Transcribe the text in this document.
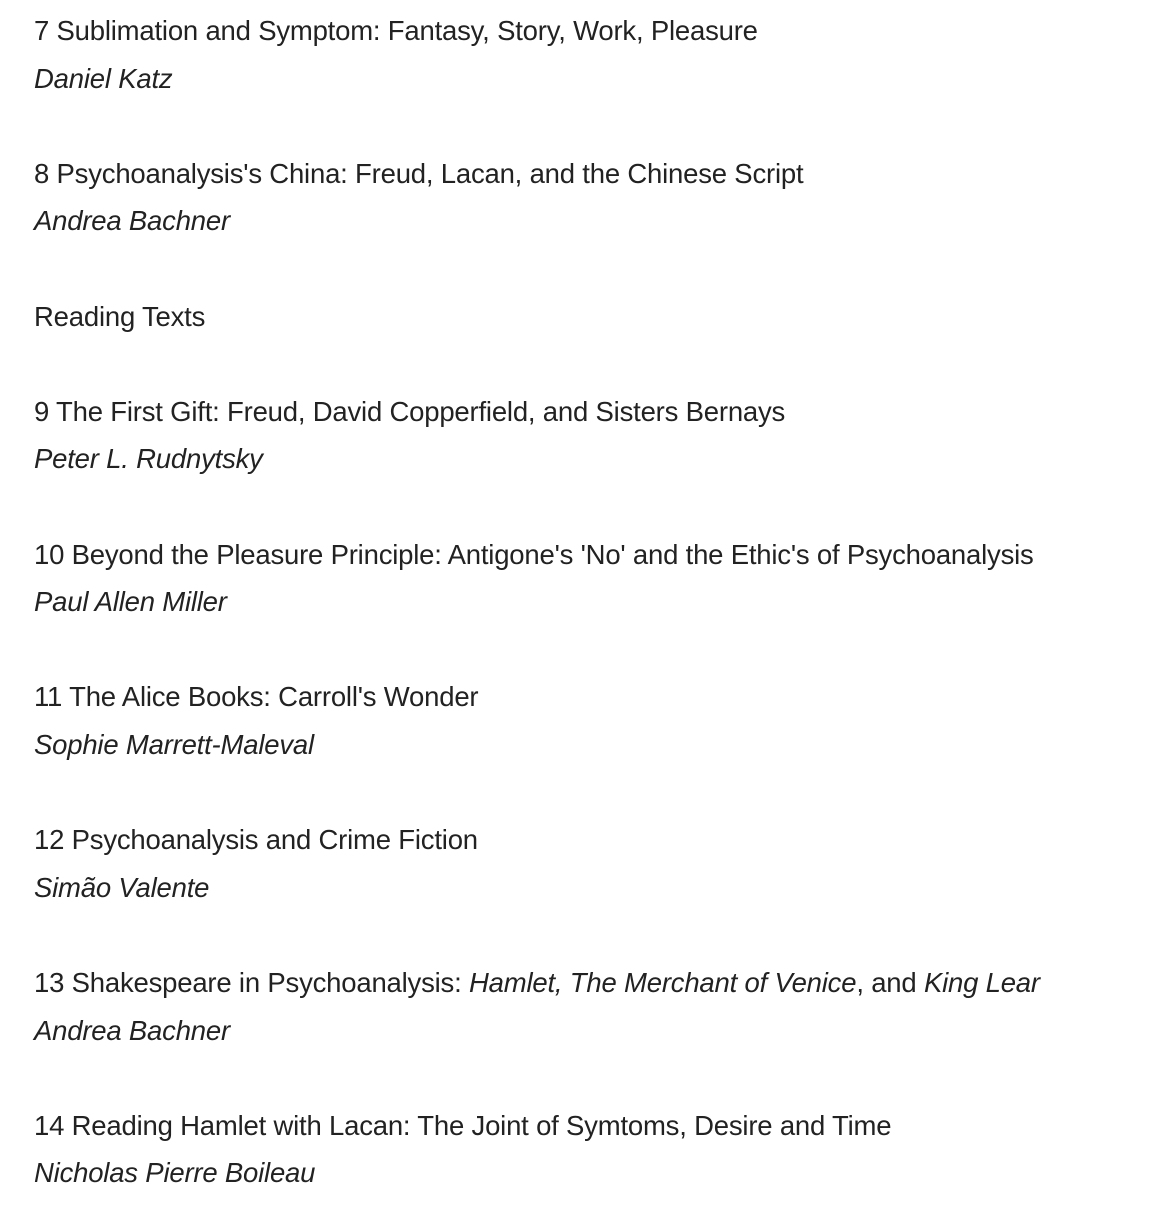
7 Sublimation and Symptom: Fantasy, Story, Work, Pleasure
Daniel Katz
8 Psychoanalysis's China: Freud, Lacan, and the Chinese Script
Andrea Bachner
Reading Texts
9 The First Gift: Freud, David Copperfield, and Sisters Bernays
Peter L. Rudnytsky
10 Beyond the Pleasure Principle: Antigone's 'No' and the Ethic's of Psychoanalysis
Paul Allen Miller
11 The Alice Books: Carroll's Wonder
Sophie Marrett-Maleval
12 Psychoanalysis and Crime Fiction
Simão Valente
13 Shakespeare in Psychoanalysis: Hamlet, The Merchant of Venice, and King Lear
Andrea Bachner
14 Reading Hamlet with Lacan: The Joint of Symtoms, Desire and Time
Nicholas Pierre Boileau
